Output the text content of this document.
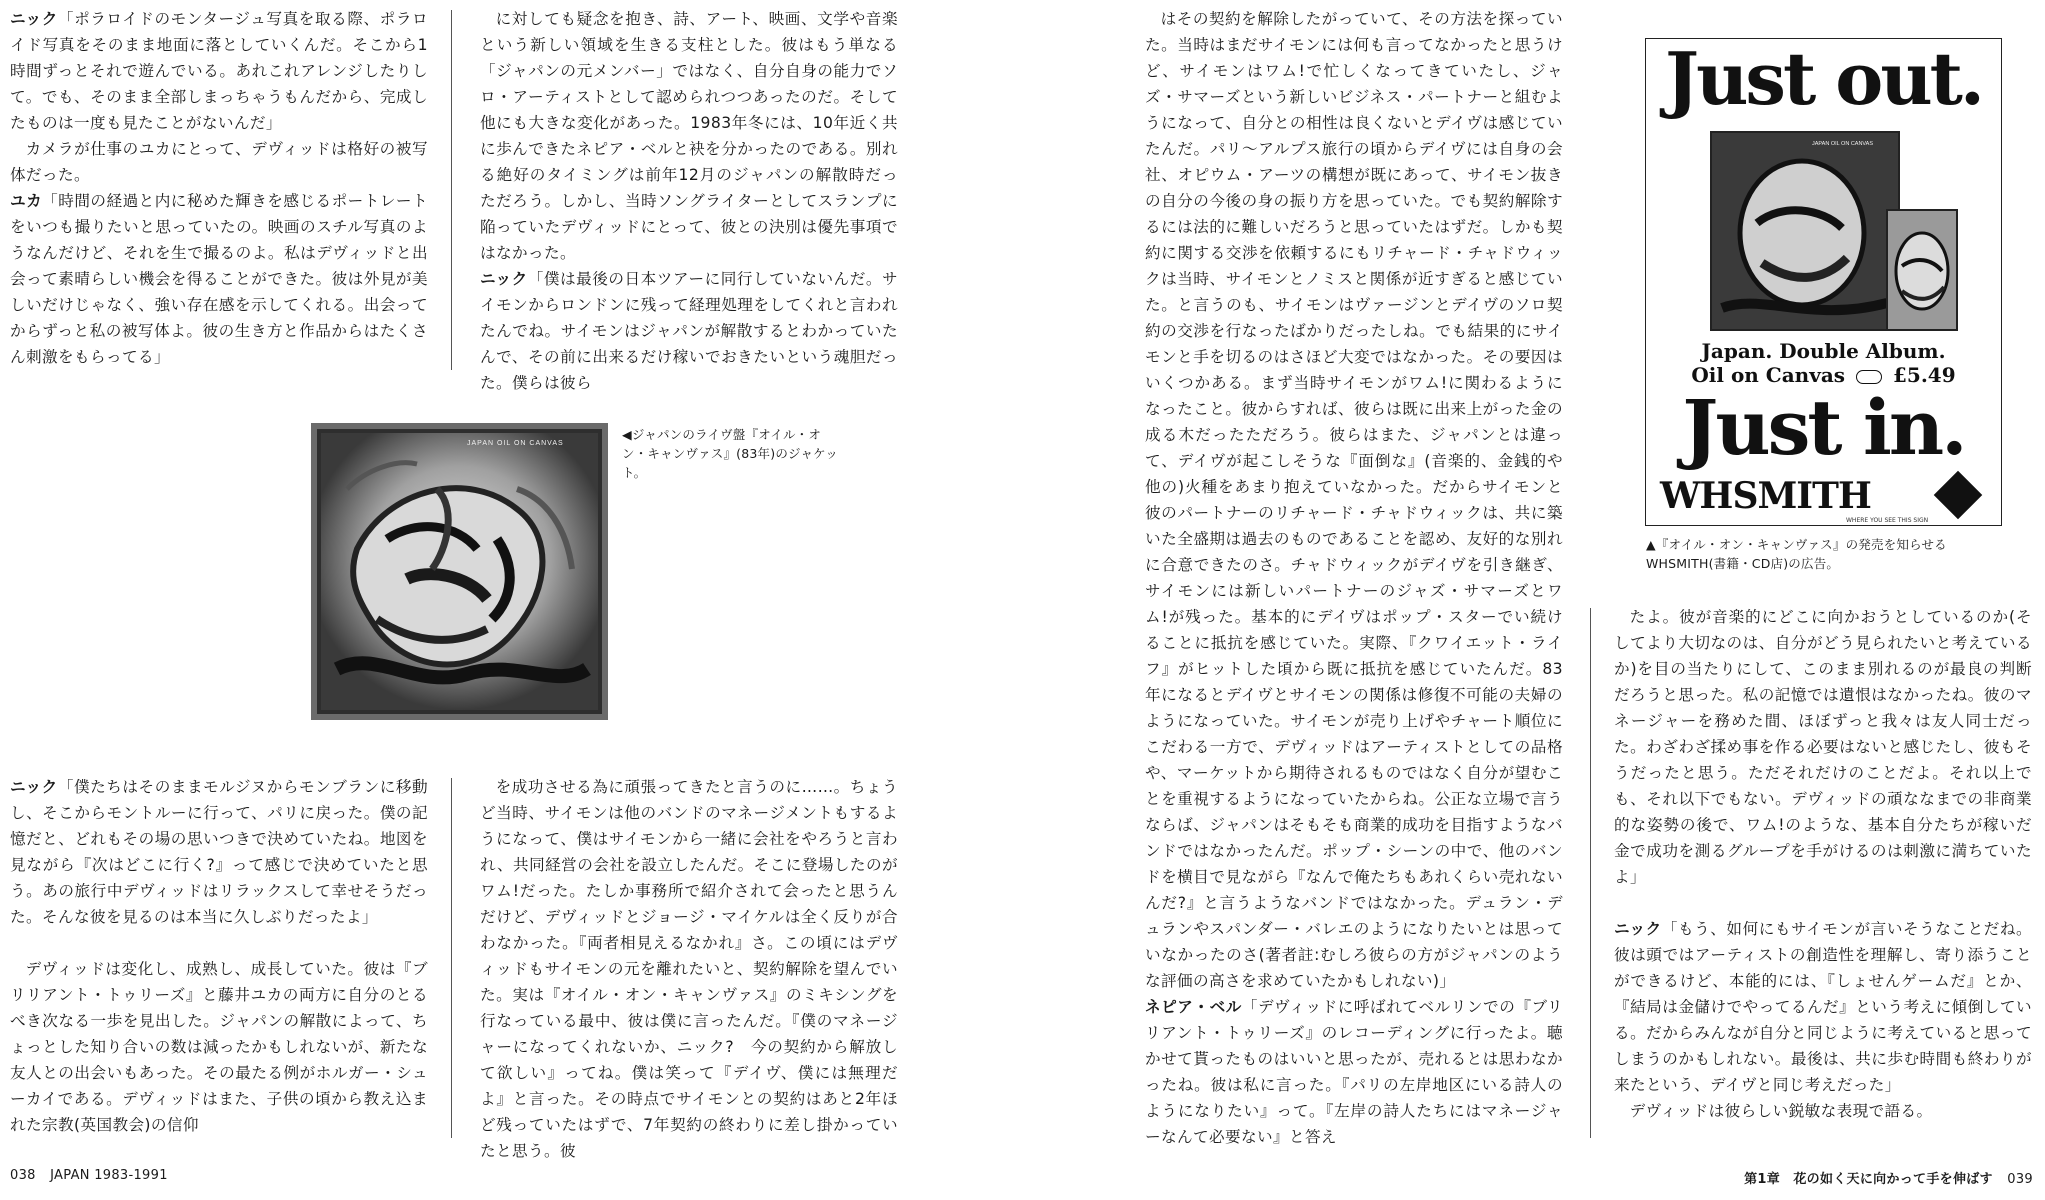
ニック「ポラロイドのモンタージュ写真を取る際、ポラロイド写真をそのまま地面に落としていくんだ。そこから1時間ずっとそれで遊んでいる。あれこれアレンジしたりして。でも、そのまま全部しまっちゃうもんだから、完成したものは一度も見たことがないんだ」

カメラが仕事のユカにとって、デヴィッドは格好の被写体だった。

ユカ「時間の経過と内に秘めた輝きを感じるポートレートをいつも撮りたいと思っていたの。映画のスチル写真のようなんだけど、それを生で撮るのよ。私はデヴィッドと出会って素晴らしい機会を得ることができた。彼は外見が美しいだけじゃなく、強い存在感を示してくれる。出会ってからずっと私の被写体よ。彼の生き方と作品からはたくさん刺激をもらってる」

に対しても疑念を抱き、詩、アート、映画、文学や音楽という新しい領域を生きる支柱とした。彼はもう単なる「ジャパンの元メンバー」ではなく、自分自身の能力でソロ・アーティストとして認められつつあったのだ。そして他にも大きな変化があった。1983年冬には、10年近く共に歩んできたネピア・ベルと袂を分かったのである。別れる絶好のタイミングは前年12月のジャパンの解散時だっただろう。しかし、当時ソングライターとしてスランプに陥っていたデヴィッドにとって、彼との決別は優先事項ではなかった。

ニック「僕は最後の日本ツアーに同行していないんだ。サイモンからロンドンに残って経理処理をしてくれと言われたんでね。サイモンはジャパンが解散するとわかっていたんで、その前に出来るだけ稼いでおきたいという魂胆だった。僕らは彼ら

JAPAN OIL ON CANVAS
◀ジャパンのライヴ盤『オイル・オン・キャンヴァス』(83年)のジャケット。

ニック「僕たちはそのままモルジヌからモンブランに移動し、そこからモントルーに行って、パリに戻った。僕の記憶だと、どれもその場の思いつきで決めていたね。地図を見ながら『次はどこに行く?』って感じで決めていたと思う。あの旅行中デヴィッドはリラックスして幸せそうだった。そんな彼を見るのは本当に久しぶりだったよ」

デヴィッドは変化し、成熟し、成長していた。彼は『ブリリアント・トゥリーズ』と藤井ユカの両方に自分のとるべき次なる一歩を見出した。ジャパンの解散によって、ちょっとした知り合いの数は減ったかもしれないが、新たな友人との出会いもあった。その最たる例がホルガー・シューカイである。デヴィッドはまた、子供の頃から教え込まれた宗教(英国教会)の信仰

を成功させる為に頑張ってきたと言うのに……。ちょうど当時、サイモンは他のバンドのマネージメントもするようになって、僕はサイモンから一緒に会社をやろうと言われ、共同経営の会社を設立したんだ。そこに登場したのがワム!だった。たしか事務所で紹介されて会ったと思うんだけど、デヴィッドとジョージ・マイケルは全く反りが合わなかった。『両者相見えるなかれ』さ。この頃にはデヴィッドもサイモンの元を離れたいと、契約解除を望んでいた。実は『オイル・オン・キャンヴァス』のミキシングを行なっている最中、彼は僕に言ったんだ。『僕のマネージャーになってくれないか、ニック?　今の契約から解放して欲しい』ってね。僕は笑って『デイヴ、僕には無理だよ』と言った。その時点でサイモンとの契約はあと2年ほど残っていたはずで、7年契約の終わりに差し掛かっていたと思う。彼

はその契約を解除したがっていて、その方法を探っていた。当時はまだサイモンには何も言ってなかったと思うけど、サイモンはワム!で忙しくなってきていたし、ジャズ・サマーズという新しいビジネス・パートナーと組むようになって、自分との相性は良くないとデイヴは感じていたんだ。パリ〜アルプス旅行の頃からデイヴには自身の会社、オピウム・アーツの構想が既にあって、サイモン抜きの自分の今後の身の振り方を思っていた。でも契約解除するには法的に難しいだろうと思っていたはずだ。しかも契約に関する交渉を依頼するにもリチャード・チャドウィックは当時、サイモンとノミスと関係が近すぎると感じていた。と言うのも、サイモンはヴァージンとデイヴのソロ契約の交渉を行なったばかりだったしね。でも結果的にサイモンと手を切るのはさほど大変ではなかった。その要因はいくつかある。まず当時サイモンがワム!に関わるようになったこと。彼からすれば、彼らは既に出来上がった金の成る木だったただろう。彼らはまた、ジャパンとは違って、デイヴが起こしそうな『面倒な』(音楽的、金銭的や他の)火種をあまり抱えていなかった。だからサイモンと彼のパートナーのリチャード・チャドウィックは、共に築いた全盛期は過去のものであることを認め、友好的な別れに合意できたのさ。チャドウィックがデイヴを引き継ぎ、サイモンには新しいパートナーのジャズ・サマーズとワム!が残った。基本的にデイヴはポップ・スターでい続けることに抵抗を感じていた。実際、『クワイエット・ライフ』がヒットした頃から既に抵抗を感じていたんだ。83年になるとデイヴとサイモンの関係は修復不可能の夫婦のようになっていた。サイモンが売り上げやチャート順位にこだわる一方で、デヴィッドはアーティストとしての品格や、マーケットから期待されるものではなく自分が望むことを重視するようになっていたからね。公正な立場で言うならば、ジャパンはそもそも商業的成功を目指すようなバンドではなかったんだ。ポップ・シーンの中で、他のバンドを横目で見ながら『なんで俺たちもあれくらい売れないんだ?』と言うようなバンドではなかった。デュラン・デュランやスパンダー・バレエのようになりたいとは思っていなかったのさ(著者註:むしろ彼らの方がジャパンのような評価の高さを求めていたかもしれない)」

ネピア・ベル「デヴィッドに呼ばれてベルリンでの『ブリリアント・トゥリーズ』のレコーディングに行ったよ。聴かせて貰ったものはいいと思ったが、売れるとは思わなかったね。彼は私に言った。『パリの左岸地区にいる詩人のようになりたい』って。『左岸の詩人たちにはマネージャーなんて必要ない』と答え

Just out.
JAPAN OIL ON CANVAS
Japan. Double Album.
Oil on Canvas £5.49
Just in.
WHSMITH
WHERE YOU SEE THIS SIGN
▲『オイル・オン・キャンヴァス』の発売を知らせるWHSMITH(書籍・CD店)の広告。

たよ。彼が音楽的にどこに向かおうとしているのか(そしてより大切なのは、自分がどう見られたいと考えているか)を目の当たりにして、このまま別れるのが最良の判断だろうと思った。私の記憶では遺恨はなかったね。彼のマネージャーを務めた間、ほぼずっと我々は友人同士だった。わざわざ揉め事を作る必要はないと感じたし、彼もそうだったと思う。ただそれだけのことだよ。それ以上でも、それ以下でもない。デヴィッドの頑ななまでの非商業的な姿勢の後で、ワム!のような、基本自分たちが稼いだ金で成功を測るグループを手がけるのは刺激に満ちていたよ」

ニック「もう、如何にもサイモンが言いそうなことだね。彼は頭ではアーティストの創造性を理解し、寄り添うことができるけど、本能的には、『しょせんゲームだ』とか、『結局は金儲けでやってるんだ』という考えに傾倒している。だからみんなが自分と同じように考えていると思ってしまうのかもしれない。最後は、共に歩む時間も終わりが来たという、デイヴと同じ考えだった」

デヴィッドは彼らしい鋭敏な表現で語る。

038 JAPAN 1983-1991	第1章　花の如く天に向かって手を伸ばす 039
